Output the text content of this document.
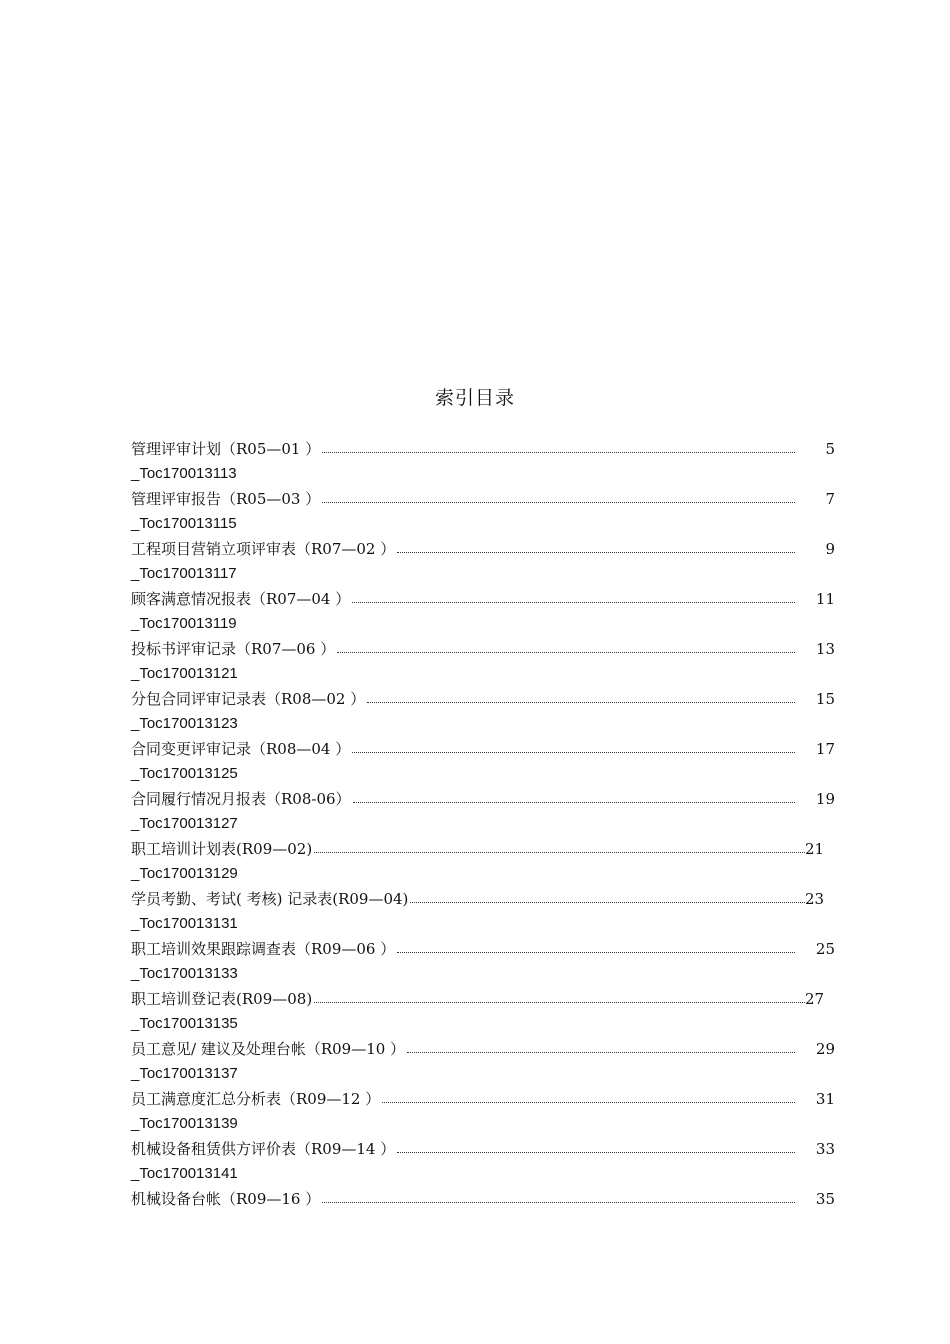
索引目录
管理评审计划（R05—01 ）	5
_Toc170013113
管理评审报告（R05—03 ）	7
_Toc170013115
工程项目营销立项评审表（R07—02 ）	9
_Toc170013117
顾客满意情况报表（R07—04 ）	11
_Toc170013119
投标书评审记录（R07—06 ）	13
_Toc170013121
分包合同评审记录表（R08—02 ）	15
_Toc170013123
合同变更评审记录（R08—04 ）	17
_Toc170013125
合同履行情况月报表（R08-06）	19
_Toc170013127
职工培训计划表(R09—02)	21
_Toc170013129
学员考勤、考试( 考核) 记录表(R09—04)	23
_Toc170013131
职工培训效果跟踪调查表（R09—06 ）	25
_Toc170013133
职工培训登记表(R09—08)	27
_Toc170013135
员工意见/ 建议及处理台帐（R09—10 ）	29
_Toc170013137
员工满意度汇总分析表（R09—12 ）	31
_Toc170013139
机械设备租赁供方评价表（R09—14 ）	33
_Toc170013141
机械设备台帐（R09—16 ）	35
